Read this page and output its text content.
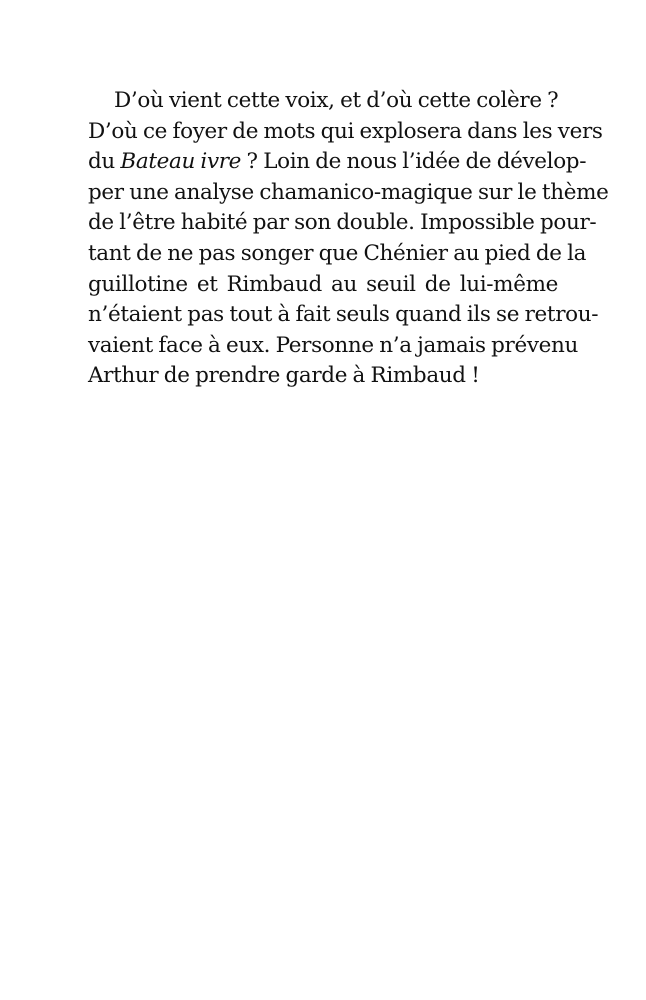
D’où vient cette voix, et d’où cette colère ?
D’où ce foyer de mots qui explosera dans les vers
du Bateau ivre ? Loin de nous l’idée de dévelop-
per une analyse chamanico-magique sur le thème
de l’être habité par son double. Impossible pour-
tant de ne pas songer que Chénier au pied de la
guillotine et Rimbaud au seuil de lui-même
n’étaient pas tout à fait seuls quand ils se retrou-
vaient face à eux. Personne n’a jamais prévenu
Arthur de prendre garde à Rimbaud !
